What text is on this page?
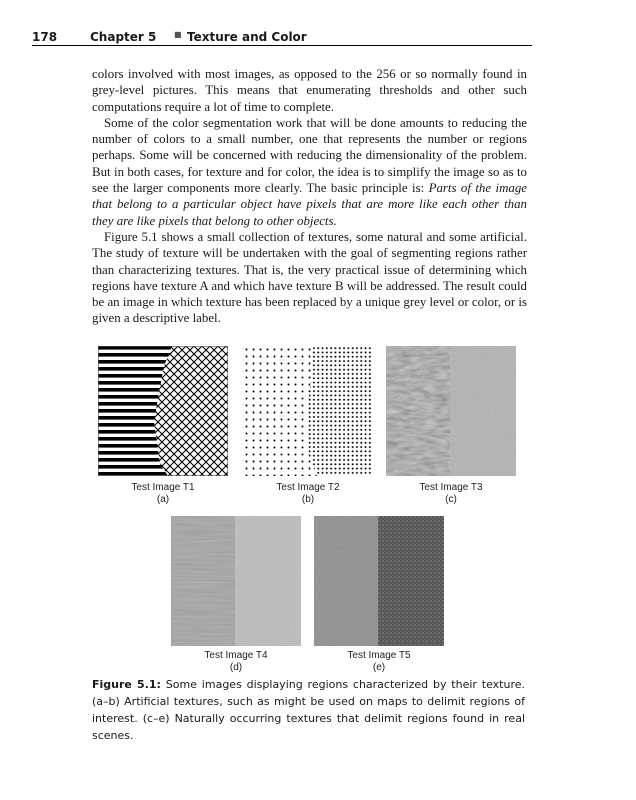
178	Chapter 5 ■ Texture and Color

colors involved with most images, as opposed to the 256 or so normally found in grey-level pictures. This means that enumerating thresholds and other such computations require a lot of time to complete.

Some of the color segmentation work that will be done amounts to reducing the number of colors to a small number, one that represents the number or regions perhaps. Some will be concerned with reducing the dimensionality of the problem. But in both cases, for texture and for color, the idea is to simplify the image so as to see the larger components more clearly. The basic principle is: Parts of the image that belong to a particular object have pixels that are more like each other than they are like pixels that belong to other objects.

Figure 5.1 shows a small collection of textures, some natural and some artificial. The study of texture will be undertaken with the goal of segmenting regions rather than characterizing textures. That is, the very practical issue of determining which regions have texture A and which have texture B will be addressed. The result could be an image in which texture has been replaced by a unique grey level or color, or is given a descriptive label.

Test Image T1
(a)
Test Image T2
(b)
Test Image T3
(c)
Test Image T4
(d)
Test Image T5
(e)
Figure 5.1: Some images displaying regions characterized by their texture. (a–b) Artificial textures, such as might be used on maps to delimit regions of interest. (c–e) Naturally occurring textures that delimit regions found in real scenes.
